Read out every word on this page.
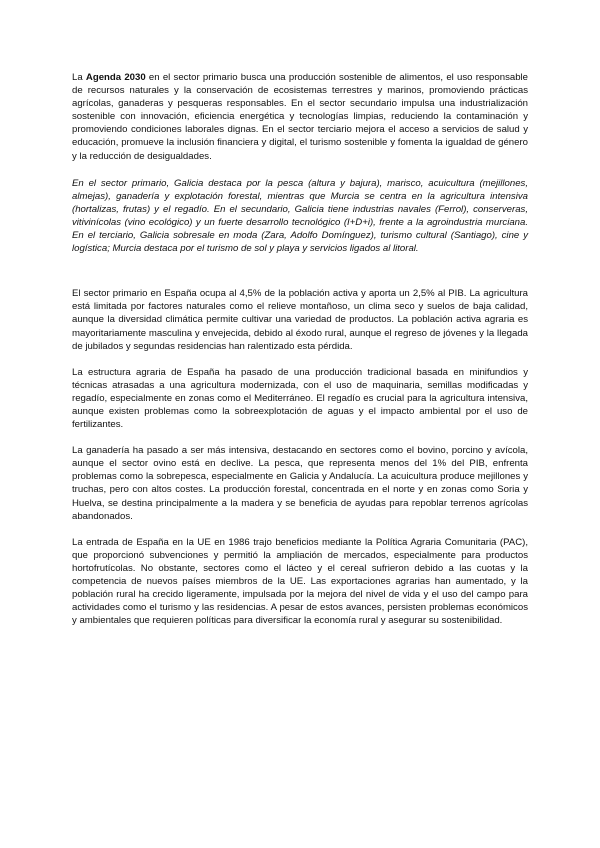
La Agenda 2030 en el sector primario busca una producción sostenible de alimentos, el uso responsable de recursos naturales y la conservación de ecosistemas terrestres y marinos, promoviendo prácticas agrícolas, ganaderas y pesqueras responsables. En el sector secundario impulsa una industrialización sostenible con innovación, eficiencia energética y tecnologías limpias, reduciendo la contaminación y promoviendo condiciones laborales dignas. En el sector terciario mejora el acceso a servicios de salud y educación, promueve la inclusión financiera y digital, el turismo sostenible y fomenta la igualdad de género y la reducción de desigualdades.

En el sector primario, Galicia destaca por la pesca (altura y bajura), marisco, acuicultura (mejillones, almejas), ganadería y explotación forestal, mientras que Murcia se centra en la agricultura intensiva (hortalizas, frutas) y el regadío. En el secundario, Galicia tiene industrias navales (Ferrol), conserveras, vitivinícolas (vino ecológico) y un fuerte desarrollo tecnológico (I+D+i), frente a la agroindustria murciana. En el terciario, Galicia sobresale en moda (Zara, Adolfo Domínguez), turismo cultural (Santiago), cine y logística; Murcia destaca por el turismo de sol y playa y servicios ligados al litoral.

El sector primario en España ocupa al 4,5% de la población activa y aporta un 2,5% al PIB. La agricultura está limitada por factores naturales como el relieve montañoso, un clima seco y suelos de baja calidad, aunque la diversidad climática permite cultivar una variedad de productos. La población activa agraria es mayoritariamente masculina y envejecida, debido al éxodo rural, aunque el regreso de jóvenes y la llegada de jubilados y segundas residencias han ralentizado esta pérdida.

La estructura agraria de España ha pasado de una producción tradicional basada en minifundios y técnicas atrasadas a una agricultura modernizada, con el uso de maquinaria, semillas modificadas y regadío, especialmente en zonas como el Mediterráneo. El regadío es crucial para la agricultura intensiva, aunque existen problemas como la sobreexplotación de aguas y el impacto ambiental por el uso de fertilizantes.

La ganadería ha pasado a ser más intensiva, destacando en sectores como el bovino, porcino y avícola, aunque el sector ovino está en declive. La pesca, que representa menos del 1% del PIB, enfrenta problemas como la sobrepesca, especialmente en Galicia y Andalucía. La acuicultura produce mejillones y truchas, pero con altos costes. La producción forestal, concentrada en el norte y en zonas como Soria y Huelva, se destina principalmente a la madera y se beneficia de ayudas para repoblar terrenos agrícolas abandonados.

La entrada de España en la UE en 1986 trajo beneficios mediante la Política Agraria Comunitaria (PAC), que proporcionó subvenciones y permitió la ampliación de mercados, especialmente para productos hortofrutícolas. No obstante, sectores como el lácteo y el cereal sufrieron debido a las cuotas y la competencia de nuevos países miembros de la UE. Las exportaciones agrarias han aumentado, y la población rural ha crecido ligeramente, impulsada por la mejora del nivel de vida y el uso del campo para actividades como el turismo y las residencias. A pesar de estos avances, persisten problemas económicos y ambientales que requieren políticas para diversificar la economía rural y asegurar su sostenibilidad.
